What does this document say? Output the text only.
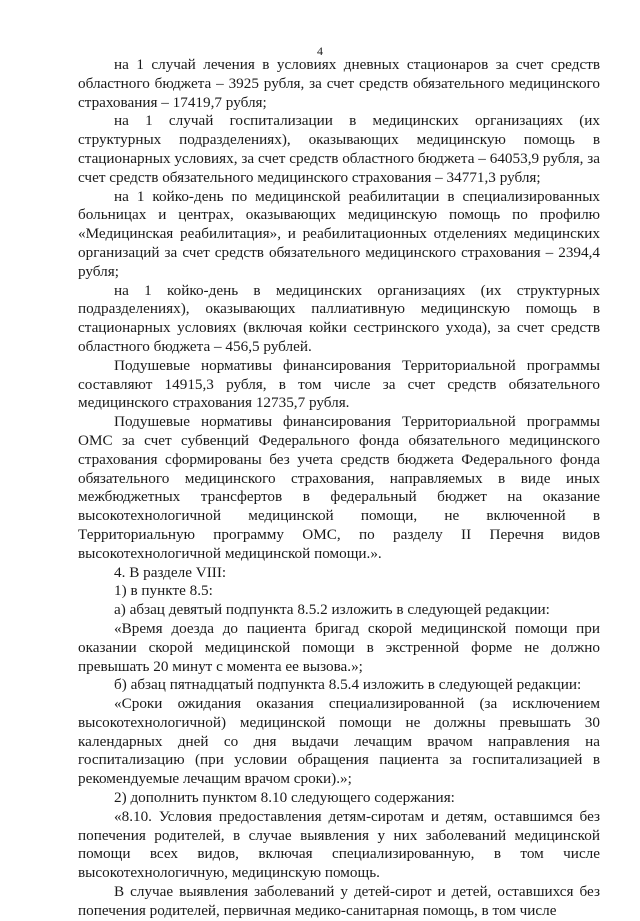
4

на 1 случай лечения в условиях дневных стационаров за счет средств областного бюджета – 3925 рубля, за счет средств обязательного медицинского страхования – 17419,7 рубля;

на 1 случай госпитализации в медицинских организациях (их структурных подразделениях), оказывающих медицинскую помощь в стационарных условиях, за счет средств областного бюджета – 64053,9 рубля, за счет средств обязательного медицинского страхования – 34771,3 рубля;

на 1 койко-день по медицинской реабилитации в специализированных больницах и центрах, оказывающих медицинскую помощь по профилю «Медицинская реабилитация», и реабилитационных отделениях медицинских организаций за счет средств обязательного медицинского страхования – 2394,4 рубля;

на 1 койко-день в медицинских организациях (их структурных подразделениях), оказывающих паллиативную медицинскую помощь в стационарных условиях (включая койки сестринского ухода), за счет средств областного бюджета – 456,5 рублей.

Подушевые нормативы финансирования Территориальной программы составляют 14915,3 рубля, в том числе за счет средств обязательного медицинского страхования 12735,7 рубля.

Подушевые нормативы финансирования Территориальной программы ОМС за счет субвенций Федерального фонда обязательного медицинского страхования сформированы без учета средств бюджета Федерального фонда обязательного медицинского страхования, направляемых в виде иных межбюджетных трансфертов в федеральный бюджет на оказание высокотехнологичной медицинской помощи, не включенной в Территориальную программу ОМС, по разделу II Перечня видов высокотехнологичной медицинской помощи.».

4. В разделе VIII:

1) в пункте 8.5:

а) абзац девятый подпункта 8.5.2 изложить в следующей редакции:

«Время доезда до пациента бригад скорой медицинской помощи при оказании скорой медицинской помощи в экстренной форме не должно превышать 20 минут с момента ее вызова.»;

б) абзац пятнадцатый подпункта 8.5.4 изложить в следующей редакции:

«Сроки ожидания оказания специализированной (за исключением высокотехнологичной) медицинской помощи не должны превышать 30 календарных дней со дня выдачи лечащим врачом направления на госпитализацию (при условии обращения пациента за госпитализацией в рекомендуемые лечащим врачом сроки).»;

2) дополнить пунктом 8.10 следующего содержания:

«8.10. Условия предоставления детям-сиротам и детям, оставшимся без попечения родителей, в случае выявления у них заболеваний медицинской помощи всех видов, включая специализированную, в том числе высокотехнологичную, медицинскую помощь.

В случае выявления заболеваний у детей-сирот и детей, оставшихся без попечения родителей, первичная медико-санитарная помощь, в том числе
